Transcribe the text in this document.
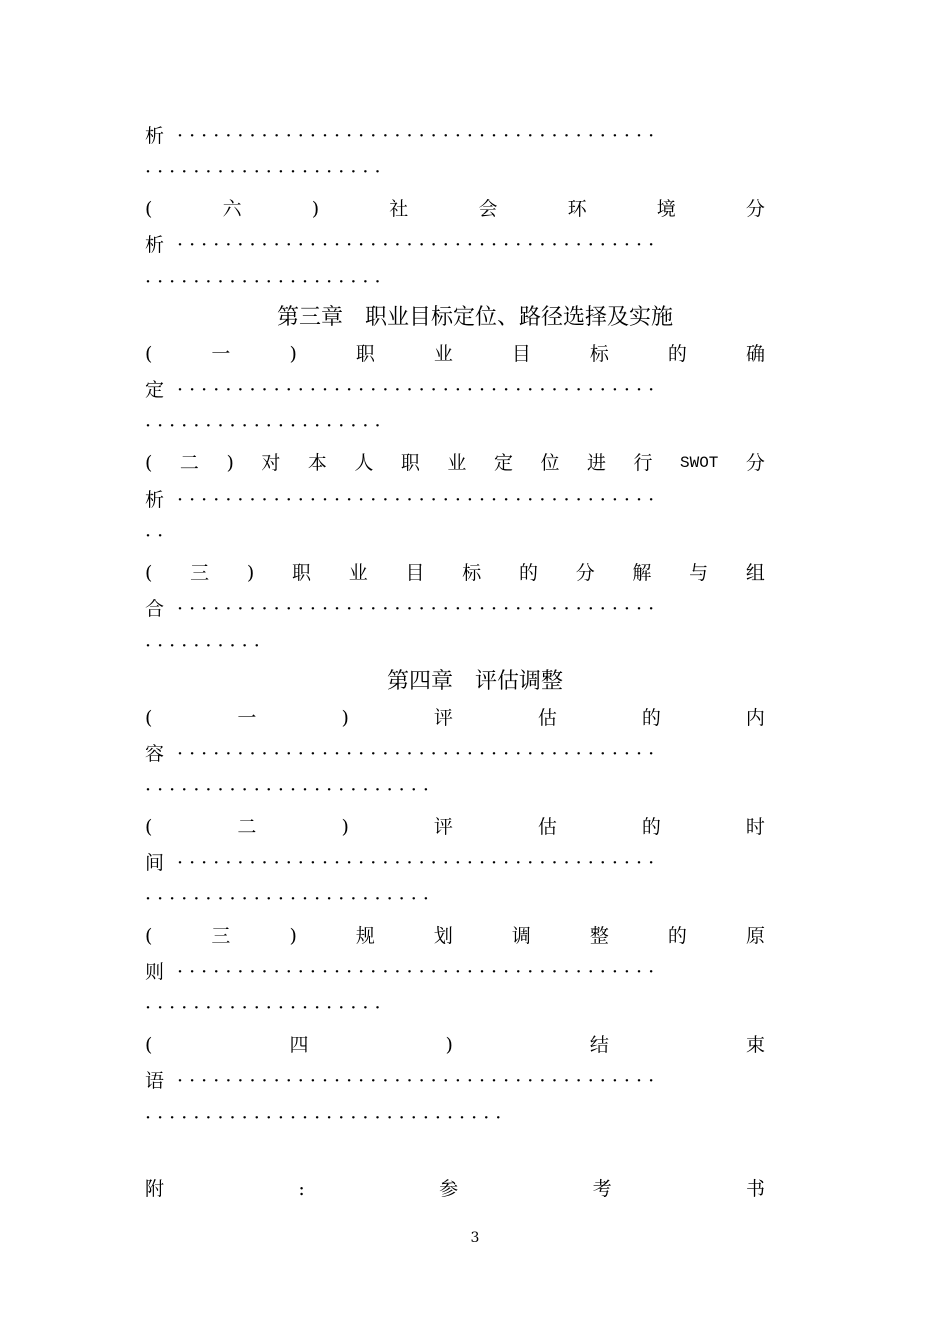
析 · · · · · · · · · · · · · · · · · · · · · · · · · · · · · · · · · · · · · · · ·
· · · · · · · · · · · · · · · · · · · ·
(	六	)	社	会	环	境	分
析 · · · · · · · · · · · · · · · · · · · · · · · · · · · · · · · · · · · · · · · ·
· · · · · · · · · · · · · · · · · · · ·
第三章　职业目标定位、路径选择及实施
(	一	)	职	业	目	标	的	确
定 · · · · · · · · · · · · · · · · · · · · · · · · · · · · · · · · · · · · · · · ·
· · · · · · · · · · · · · · · · · · · ·
( 二 ) 对 本 人 职 业 定 位 进 行 SWOT 分
析 · · · · · · · · · · · · · · · · · · · · · · · · · · · · · · · · · · · · · · · ·
· ·
( 三 ) 职 业 目 标 的 分 解 与 组
合 · · · · · · · · · · · · · · · · · · · · · · · · · · · · · · · · · · · · · · · ·
· · · · · · · · · ·
第四章　评估调整
(	一	)	评	估	的	内
容 · · · · · · · · · · · · · · · · · · · · · · · · · · · · · · · · · · · · · · · ·
· · · · · · · · · · · · · · · · · · · · · · · ·
(	二	)	评	估	的	时
间 · · · · · · · · · · · · · · · · · · · · · · · · · · · · · · · · · · · · · · · ·
· · · · · · · · · · · · · · · · · · · · · · · ·
(	三	)	规	划	调	整	的	原
则 · · · · · · · · · · · · · · · · · · · · · · · · · · · · · · · · · · · · · · · ·
· · · · · · · · · · · · · · · · · · · ·
(	四	)	结	束
语 · · · · · · · · · · · · · · · · · · · · · · · · · · · · · · · · · · · · · · · ·
· · · · · · · · · · · · · · · · · · · · · · · · · · · · · ·
附	:	参	考	书
3
